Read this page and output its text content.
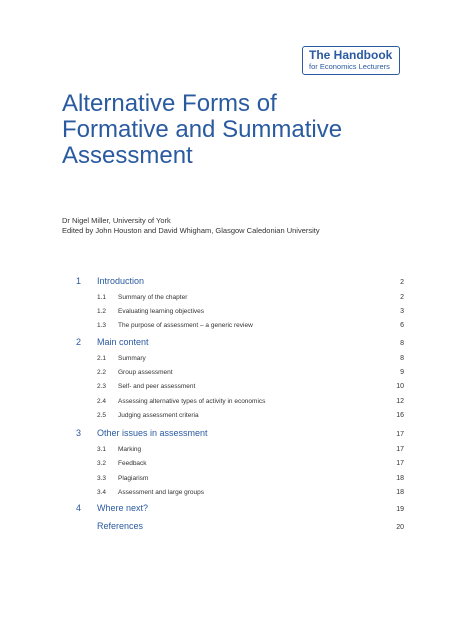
The Handbook
for Economics Lecturers
Alternative Forms of
Formative and Summative
Assessment
Dr Nigel Miller, University of York
Edited by John Houston and David Whigham, Glasgow Caledonian University
1 Introduction	2
1.1 Summary of the chapter	2
1.2 Evaluating learning objectives	3
1.3 The purpose of assessment – a generic review	6
2 Main content	8
2.1 Summary	8
2.2 Group assessment	9
2.3 Self- and peer assessment	10
2.4 Assessing alternative types of activity in economics	12
2.5 Judging assessment criteria	16
3 Other issues in assessment	17
3.1 Marking	17
3.2 Feedback	17
3.3 Plagiarism	18
3.4 Assessment and large groups	18
4 Where next?	19
References	20
